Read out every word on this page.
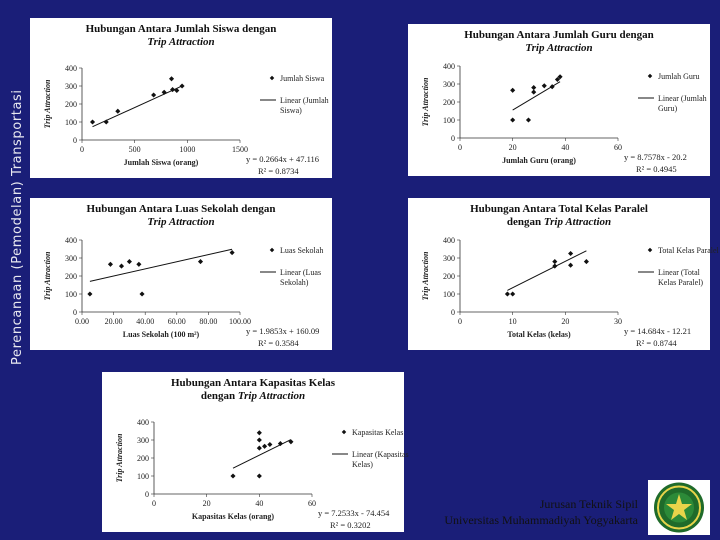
Perencanaan (Pemodelan) Transportasi
Hubungan Antara Jumlah Siswa dengan
Trip Attraction
0
100
200
300
400
0	500	1000	1500
Jumlah Siswa (orang)
Trip Attraction
Jumlah Siswa
Linear (Jumlah Siswa)
y = 0.2664x + 47.116
R² = 0.8734
Hubungan Antara Jumlah Guru dengan
Trip Attraction
0
100
200
300
400
0	20	40	60
Jumlah Guru (orang)
Trip Attraction
Jumlah Guru
Linear (Jumlah Guru)
y = 8.7578x - 20.2
R² = 0.4945
Hubungan Antara Luas Sekolah dengan
Trip Attraction
0
100
200
300
400
0.00 20.00 40.00 60.00 80.00 100.00
Luas Sekolah (100 m²)
Trip Attraction
Luas Sekolah
Linear (Luas Sekolah)
y = 1.9853x + 160.09
R² = 0.3584
Hubungan Antara Total Kelas Paralel
dengan Trip Attraction
0
100
200
300
400
0	10	20	30
Total Kelas (kelas)
Trip Attraction
Total Kelas Paralel
Linear (Total Kelas Paralel)
y = 14.684x - 12.21
R² = 0.8744
Hubungan Antara Kapasitas Kelas
dengan Trip Attraction
0
100
200
300
400
0	20	40	60
Kapasitas Kelas (orang)
Trip Attraction
Kapasitas Kelas
Linear (Kapasitas Kelas)
y = 7.2533x - 74.454
R² = 0.3202
Jurusan Teknik Sipil
Universitas Muhammadiyah Yogyakarta
